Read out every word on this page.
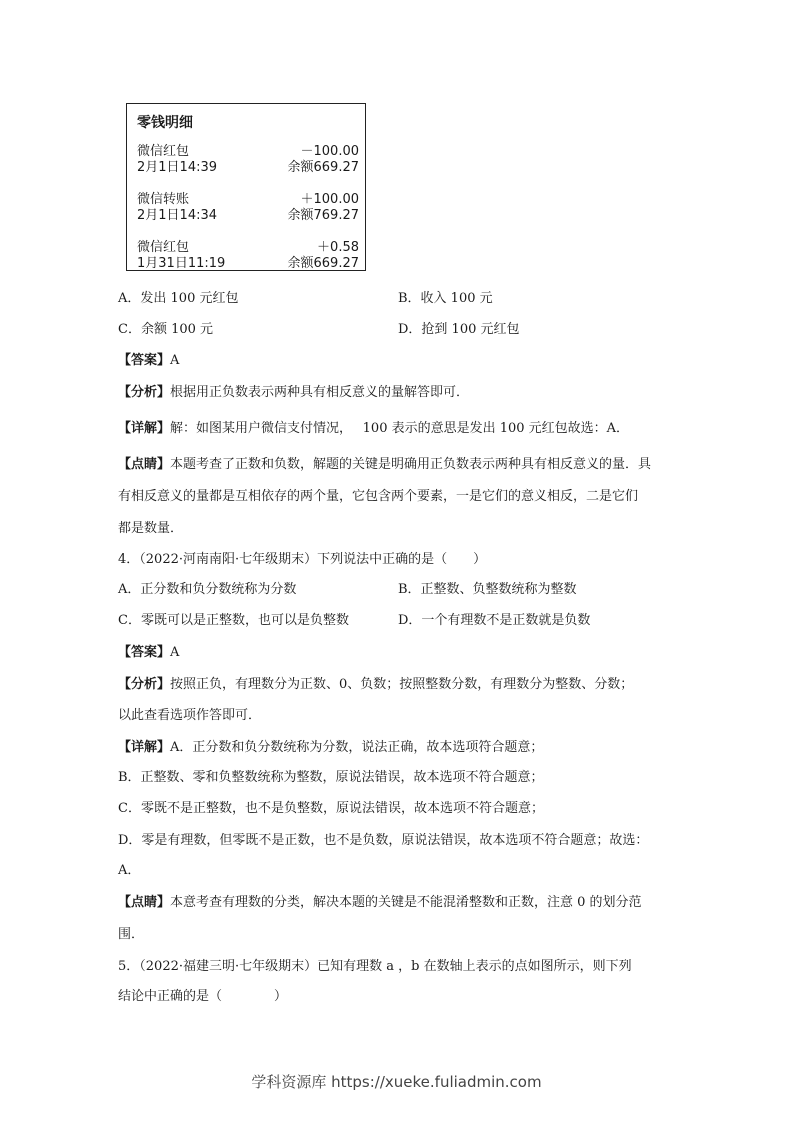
零钱明细
微信红包	－100.00
2月1日14:39	余额669.27
微信转账	＋100.00
2月1日14:34	余额769.27
微信红包	＋0.58
1月31日11:19	余额669.27
A．发出 100 元红包	B．收入 100 元
C．余额 100 元	D．抢到 100 元红包
【答案】A
【分析】根据用正负数表示两种具有相反意义的量解答即可．
【详解】解：如图某用户微信支付情况，　 100 表示的意思是发出 100 元红包故选：A．
【点睛】本题考查了正数和负数，解题的关键是明确用正负数表示两种具有相反意义的量．具
有相反意义的量都是互相依存的两个量，它包含两个要素，一是它们的意义相反，二是它们
都是数量．
4．（2022·河南南阳·七年级期末）下列说法中正确的是（　　）
A．正分数和负分数统称为分数	B．正整数、负整数统称为整数
C．零既可以是正整数，也可以是负整数	D．一个有理数不是正数就是负数
【答案】A
【分析】按照正负，有理数分为正数、0、负数；按照整数分数，有理数分为整数、分数；
以此查看选项作答即可．
【详解】A．正分数和负分数统称为分数，说法正确，故本选项符合题意；
B．正整数、零和负整数统称为整数，原说法错误，故本选项不符合题意；
C．零既不是正整数，也不是负整数，原说法错误，故本选项不符合题意；
D．零是有理数，但零既不是正数，也不是负数，原说法错误，故本选项不符合题意；故选：
A．
【点睛】本意考查有理数的分类，解决本题的关键是不能混淆整数和正数，注意 0 的划分范
围．
5．（2022·福建三明·七年级期末）已知有理数 a ，b 在数轴上表示的点如图所示，则下列
结论中正确的是（　　　　）
学科资源库 https://xueke.fuliadmin.com
